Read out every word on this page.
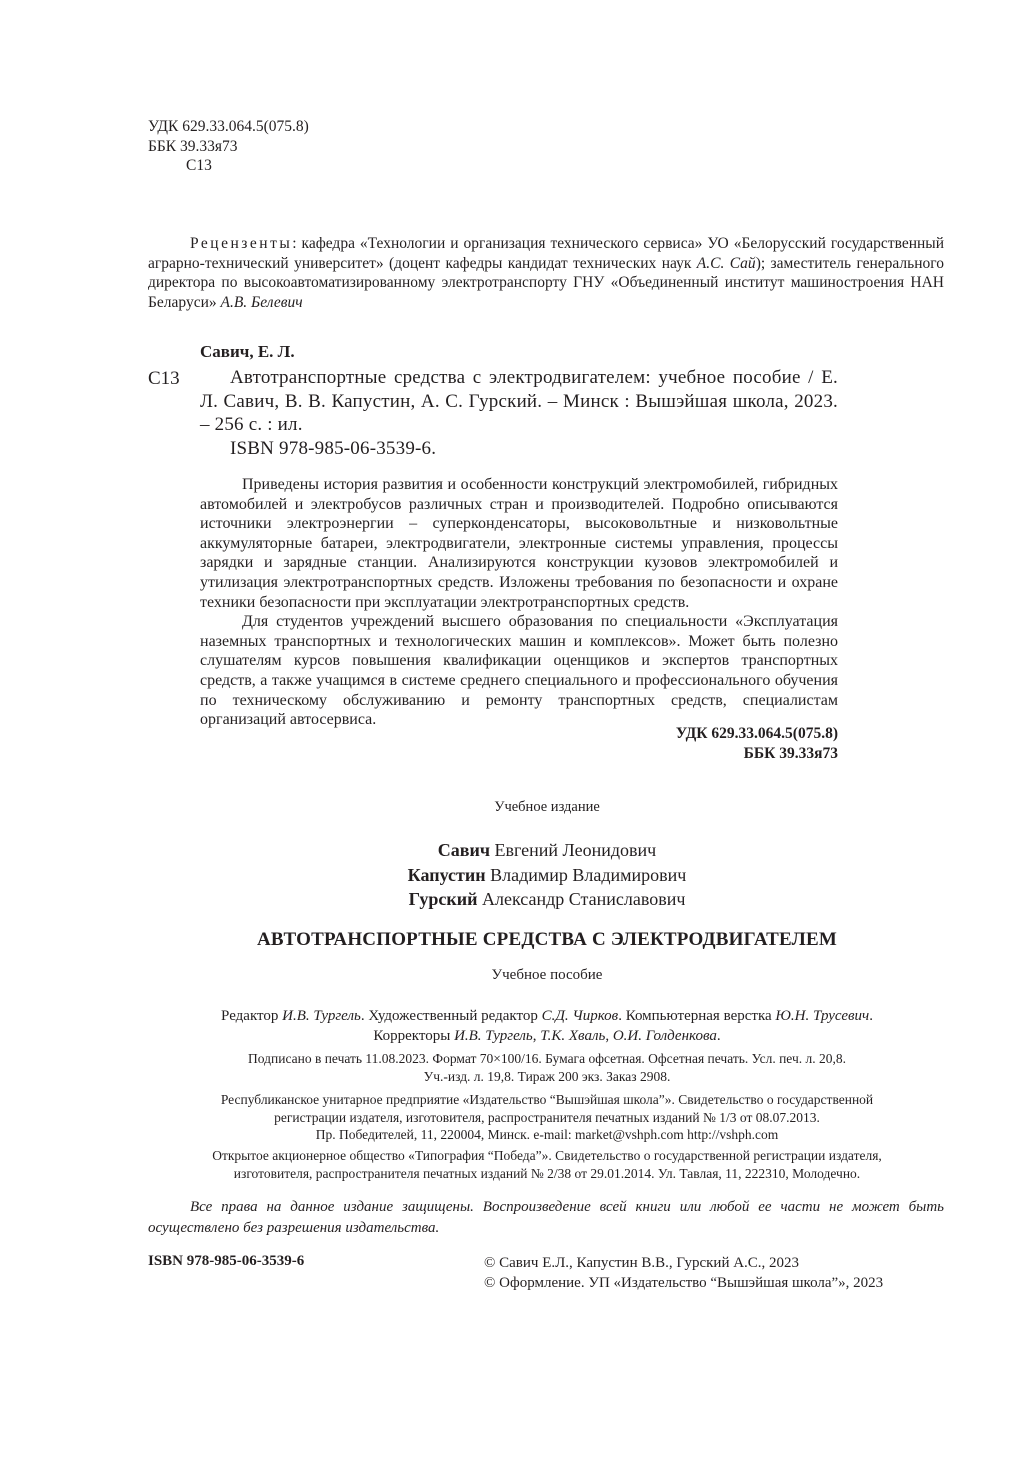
УДК 629.33.064.5(075.8)
ББК 39.33я73
С13
Рецензенты: кафедра «Технологии и организация технического сервиса» УО «Белорусский государственный аграрно-технический университет» (доцент кафедры кандидат технических наук А.С. Сай); заместитель генерального директора по высокоавтоматизированному электротранспорту ГНУ «Объединенный институт машиностроения НАН Беларуси» А.В. Белевич
Савич, Е. Л.
С13	Автотранспортные средства с электродвигателем: учебное пособие / Е. Л. Савич, В. В. Капустин, А. С. Гурский. – Минск : Вышэйшая школа, 2023. – 256 с. : ил.
ISBN 978-985-06-3539-6.

Приведены история развития и особенности конструкций электромобилей, гибридных автомобилей и электробусов различных стран и производителей. Подробно описываются источники электроэнергии – суперконденсаторы, высоковольтные и низковольтные аккумуляторные батареи, электродвигатели, электронные системы управления, процессы зарядки и зарядные станции. Анализируются конструкции кузовов электромобилей и утилизация электротранспортных средств. Изложены требования по безопасности и охране техники безопасности при эксплуатации электротранспортных средств.

Для студентов учреждений высшего образования по специальности «Эксплуатация наземных транспортных и технологических машин и комплексов». Может быть полезно слушателям курсов повышения квалификации оценщиков и экспертов транспортных средств, а также учащимся в системе среднего специального и профессионального обучения по техническому обслуживанию и ремонту транспортных средств, специалистам организаций автосервиса.

УДК 629.33.064.5(075.8)
ББК 39.33я73
Учебное издание
Савич Евгений Леонидович
Капустин Владимир Владимирович
Гурский Александр Станиславович
АВТОТРАНСПОРТНЫЕ СРЕДСТВА С ЭЛЕКТРОДВИГАТЕЛЕМ
Учебное пособие
Редактор И.В. Тургель. Художественный редактор С.Д. Чирков. Компьютерная верстка Ю.Н. Трусевич.
Корректоры И.В. Тургель, Т.К. Хваль, О.И. Голденкова.
Подписано в печать 11.08.2023. Формат 70×100/16. Бумага офсетная. Офсетная печать. Усл. печ. л. 20,8.
Уч.-изд. л. 19,8. Тираж 200 экз. Заказ 2908.
Республиканское унитарное предприятие «Издательство “Вышэйшая школа”». Свидетельство о государственной
регистрации издателя, изготовителя, распространителя печатных изданий № 1/3 от 08.07.2013.
Пр. Победителей, 11, 220004, Минск. e-mail: market@vshph.com http://vshph.com
Открытое акционерное общество «Типография “Победа”». Свидетельство о государственной регистрации издателя,
изготовителя, распространителя печатных изданий № 2/38 от 29.01.2014. Ул. Тавлая, 11, 222310, Молодечно.
Все права на данное издание защищены. Воспроизведение всей книги или любой ее части не может быть осуществлено без разрешения издательства.
ISBN 978-985-06-3539-6	© Савич Е.Л., Капустин В.В., Гурский А.С., 2023
© Оформление. УП «Издательство “Вышэйшая школа”», 2023
